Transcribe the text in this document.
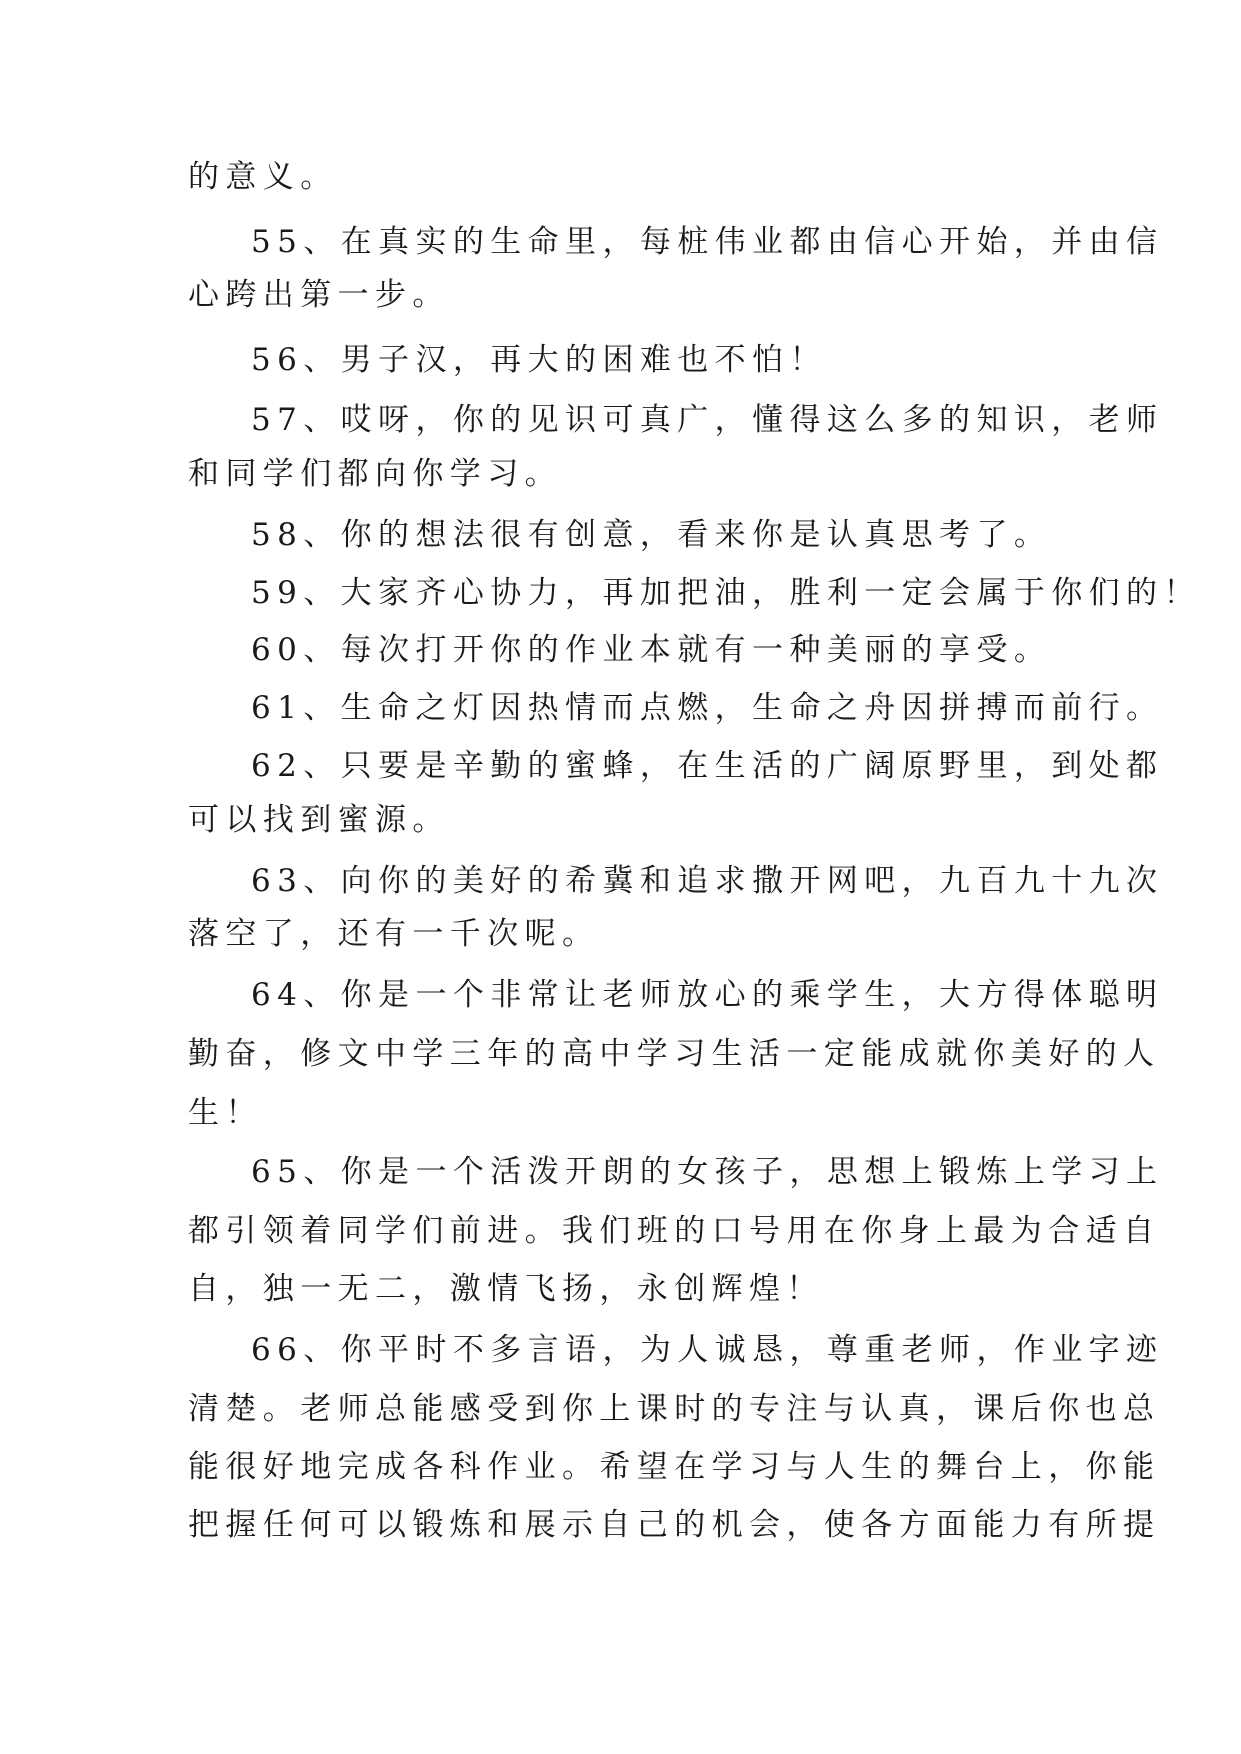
的意义。
55、在真实的生命里，每桩伟业都由信心开始，并由信
心跨出第一步。
56、男子汉，再大的困难也不怕！
57、哎呀，你的见识可真广，懂得这么多的知识，老师
和同学们都向你学习。
58、你的想法很有创意，看来你是认真思考了。
59、大家齐心协力，再加把油，胜利一定会属于你们的！
60、每次打开你的作业本就有一种美丽的享受。
61、生命之灯因热情而点燃，生命之舟因拼搏而前行。
62、只要是辛勤的蜜蜂，在生活的广阔原野里，到处都
可以找到蜜源。
63、向你的美好的希冀和追求撒开网吧，九百九十九次
落空了，还有一千次呢。
64、你是一个非常让老师放心的乘学生，大方得体聪明
勤奋，修文中学三年的高中学习生活一定能成就你美好的人
生！
65、你是一个活泼开朗的女孩子，思想上锻炼上学习上
都引领着同学们前进。我们班的口号用在你身上最为合适自
自，独一无二，激情飞扬，永创辉煌！
66、你平时不多言语，为人诚恳，尊重老师，作业字迹
清楚。老师总能感受到你上课时的专注与认真，课后你也总
能很好地完成各科作业。希望在学习与人生的舞台上，你能
把握任何可以锻炼和展示自己的机会，使各方面能力有所提
